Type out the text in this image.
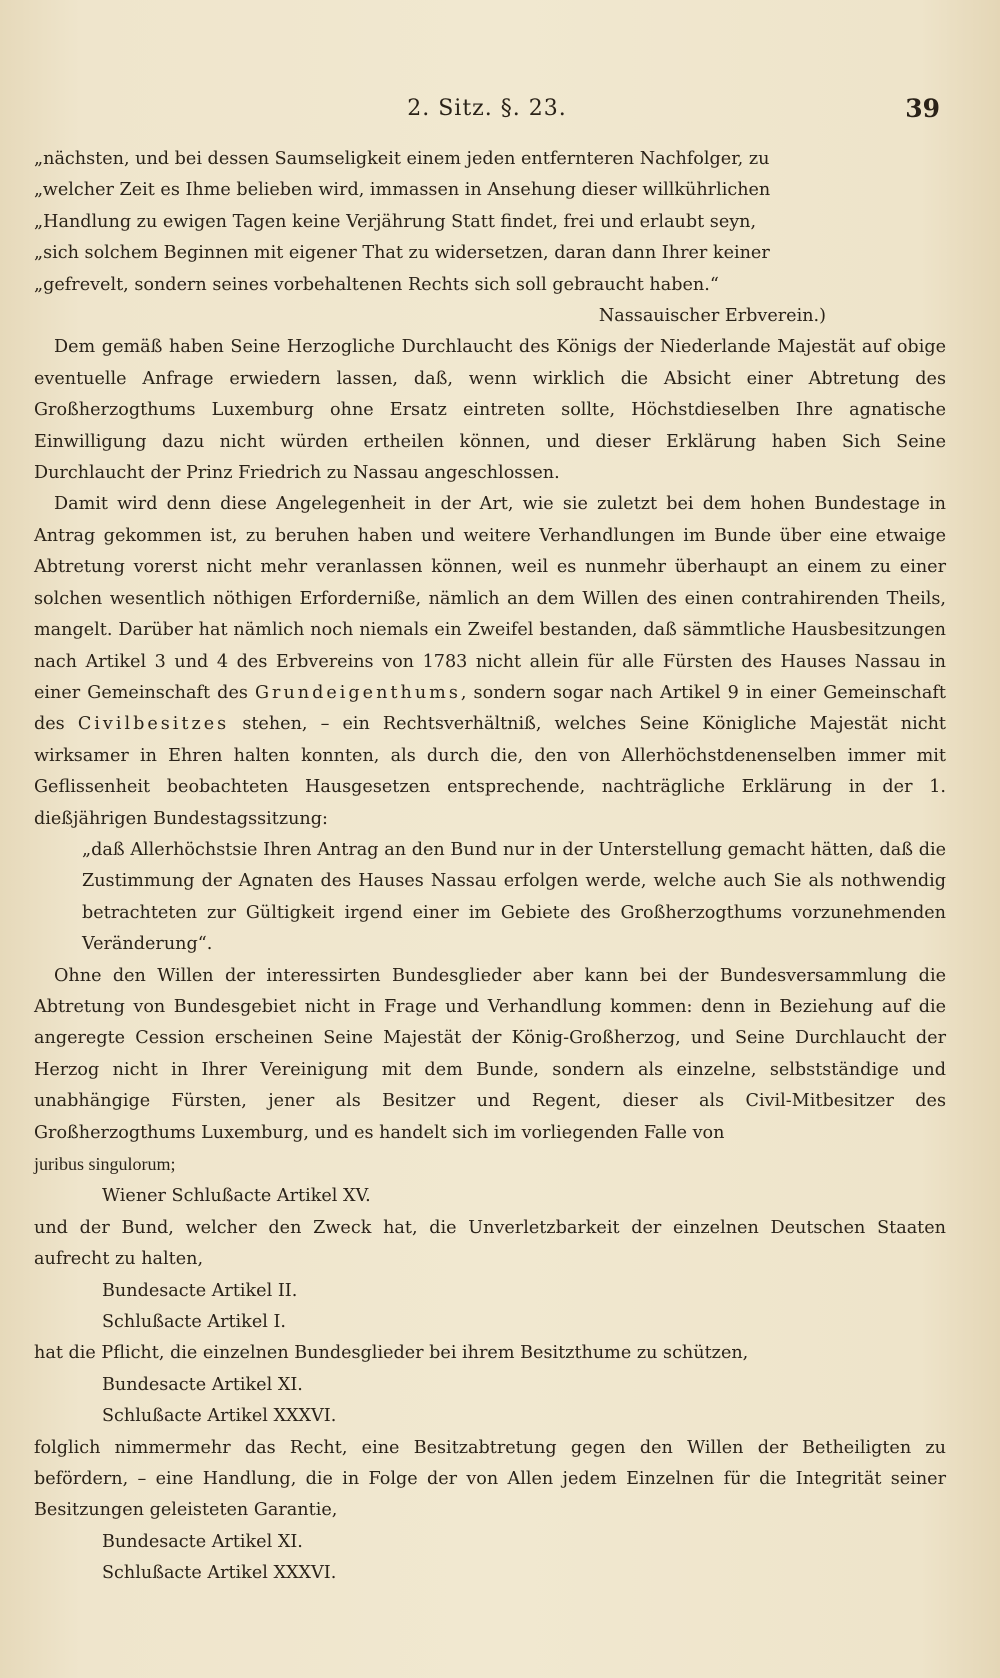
2. Sitz. §. 23.	39

„nächsten, und bei dessen Saumseligkeit einem jeden entfernteren Nachfolger, zu

„welcher Zeit es Ihme belieben wird, immassen in Ansehung dieser willkührlichen

„Handlung zu ewigen Tagen keine Verjährung Statt findet, frei und erlaubt seyn,

„sich solchem Beginnen mit eigener That zu widersetzen, daran dann Ihrer keiner

„gefrevelt, sondern seines vorbehaltenen Rechts sich soll gebraucht haben.“

Nassauischer Erbverein.)

Dem gemäß haben Seine Herzogliche Durchlaucht des Königs der Niederlande Majestät auf obige eventuelle Anfrage erwiedern lassen, daß, wenn wirklich die Absicht einer Abtretung des Großherzogthums Luxemburg ohne Ersatz eintreten sollte, Höchstdieselben Ihre agnatische Einwilligung dazu nicht würden ertheilen können, und dieser Erklärung haben Sich Seine Durchlaucht der Prinz Friedrich zu Nassau angeschlossen.

Damit wird denn diese Angelegenheit in der Art, wie sie zuletzt bei dem hohen Bundestage in Antrag gekommen ist, zu beruhen haben und weitere Verhandlungen im Bunde über eine etwaige Abtretung vorerst nicht mehr veranlassen können, weil es nunmehr überhaupt an einem zu einer solchen wesentlich nöthigen Erforderniße, nämlich an dem Willen des einen contrahirenden Theils, mangelt. Darüber hat nämlich noch niemals ein Zweifel bestanden, daß sämmtliche Hausbesitzungen nach Artikel 3 und 4 des Erbvereins von 1783 nicht allein für alle Fürsten des Hauses Nassau in einer Gemeinschaft des Grundeigenthums, sondern sogar nach Artikel 9 in einer Gemeinschaft des Civilbesitzes stehen, – ein Rechtsverhältniß, welches Seine Königliche Majestät nicht wirksamer in Ehren halten konnten, als durch die, den von Allerhöchstdenenselben immer mit Geflissenheit beobachteten Hausgesetzen entsprechende, nachträgliche Erklärung in der 1. dießjährigen Bundestagssitzung:

„daß Allerhöchstsie Ihren Antrag an den Bund nur in der Unterstellung gemacht hätten, daß die Zustimmung der Agnaten des Hauses Nassau erfolgen werde, welche auch Sie als nothwendig betrachteten zur Gültigkeit irgend einer im Gebiete des Großherzogthums vorzunehmenden Veränderung“.

Ohne den Willen der interessirten Bundesglieder aber kann bei der Bundesversammlung die Abtretung von Bundesgebiet nicht in Frage und Verhandlung kommen: denn in Beziehung auf die angeregte Cession erscheinen Seine Majestät der König-Großherzog, und Seine Durchlaucht der Herzog nicht in Ihrer Vereinigung mit dem Bunde, sondern als einzelne, selbstständige und unabhängige Fürsten, jener als Besitzer und Regent, dieser als Civil-Mitbesitzer des Großherzogthums Luxemburg, und es handelt sich im vorliegenden Falle von

juribus singulorum;

Wiener Schlußacte Artikel XV.

und der Bund, welcher den Zweck hat, die Unverletzbarkeit der einzelnen Deutschen Staaten aufrecht zu halten,

Bundesacte Artikel II.

Schlußacte Artikel I.

hat die Pflicht, die einzelnen Bundesglieder bei ihrem Besitzthume zu schützen,

Bundesacte Artikel XI.

Schlußacte Artikel XXXVI.

folglich nimmermehr das Recht, eine Besitzabtretung gegen den Willen der Betheiligten zu befördern, – eine Handlung, die in Folge der von Allen jedem Einzelnen für die Integrität seiner Besitzungen geleisteten Garantie,

Bundesacte Artikel XI.

Schlußacte Artikel XXXVI.
